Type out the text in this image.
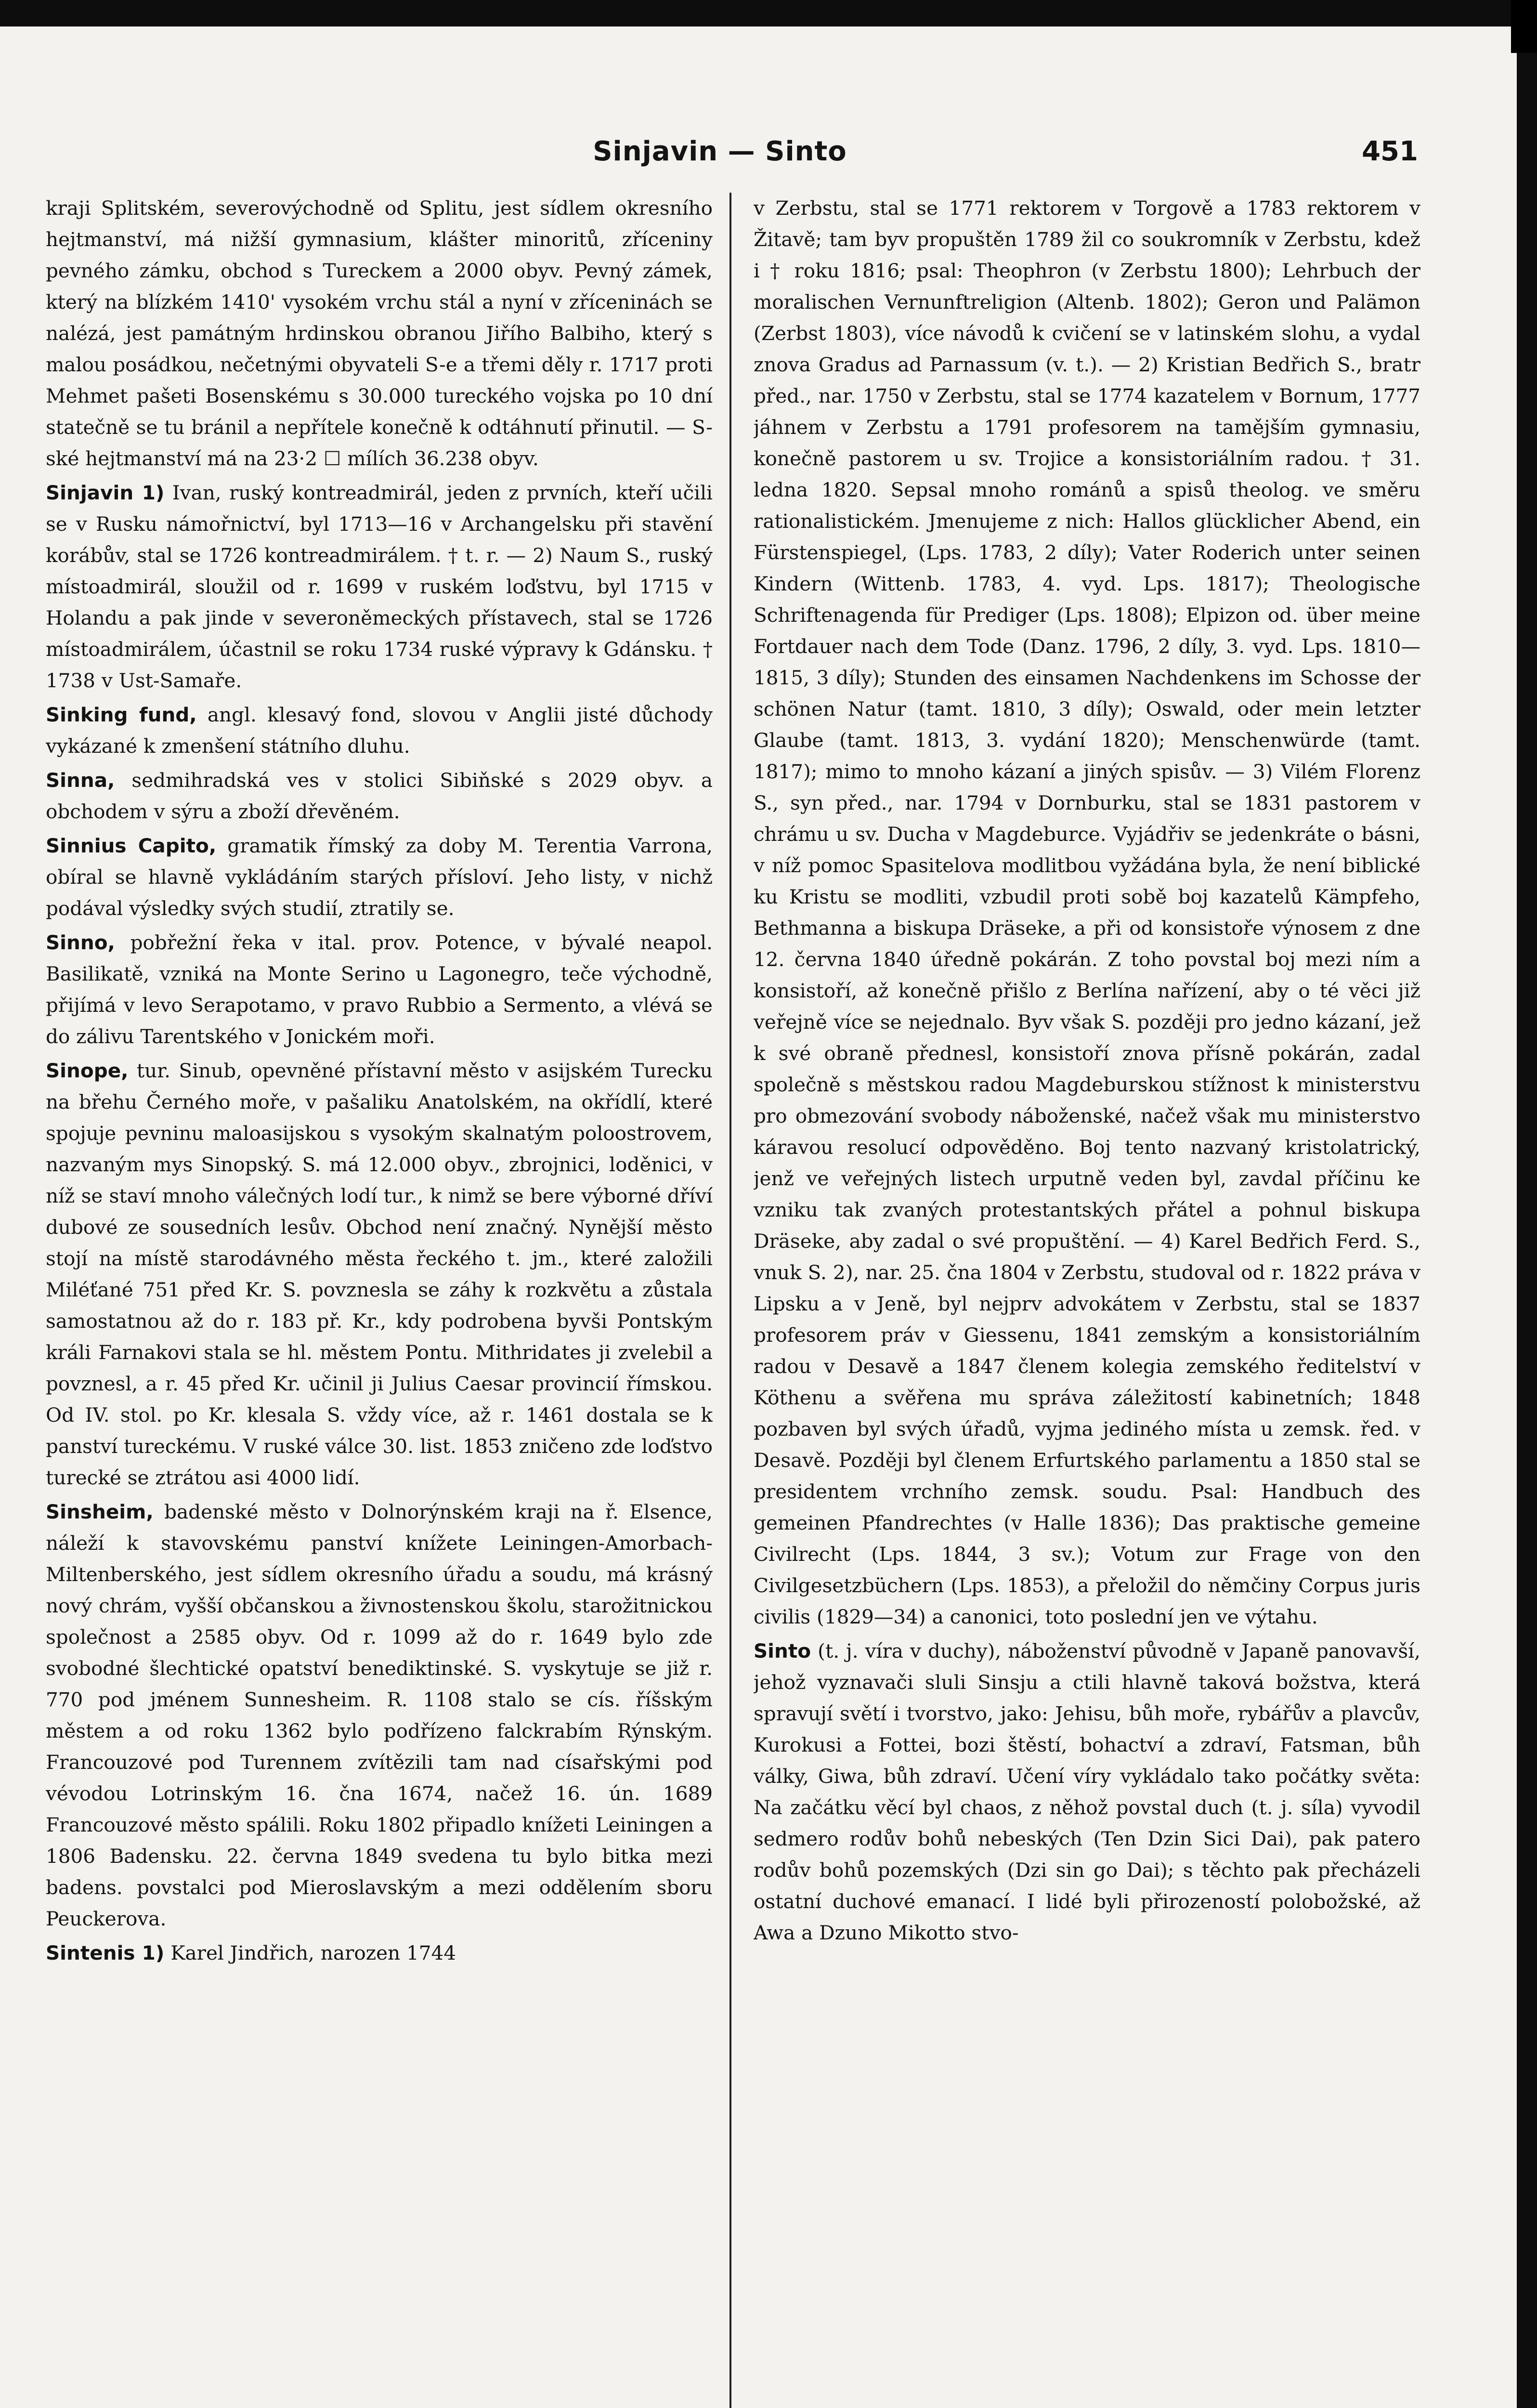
Sinjavin — Sinto	451

kraji Splitském, severovýchodně od Splitu, jest sídlem okresního hejtmanství, má nižší gymnasium, klášter minoritů, zříceniny pevného zámku, obchod s Tureckem a 2000 obyv. Pevný zámek, který na blízkém 1410' vysokém vrchu stál a nyní v zříceninách se nalézá, jest památným hrdinskou obranou Jiřího Balbiho, který s malou posádkou, nečetnými obyvateli S-e a třemi děly r. 1717 proti Mehmet pašeti Bosenskému s 30.000 tureckého vojska po 10 dní statečně se tu bránil a nepřítele konečně k odtáhnutí přinutil. — S-ské hejtmanství má na 23·2 ☐ mílích 36.238 obyv.

Sinjavin 1) Ivan, ruský kontreadmirál, jeden z prvních, kteří učili se v Rusku námořnictví, byl 1713—16 v Archangelsku při stavění korábův, stal se 1726 kontreadmirálem. † t. r. — 2) Naum S., ruský místoadmirál, sloužil od r. 1699 v ruském loďstvu, byl 1715 v Holandu a pak jinde v severoněmeckých přístavech, stal se 1726 místoadmirálem, účastnil se roku 1734 ruské výpravy k Gdánsku. † 1738 v Ust-Samaře.

Sinking fund, angl. klesavý fond, slovou v Anglii jisté důchody vykázané k zmenšení státního dluhu.

Sinna, sedmihradská ves v stolici Sibiňské s 2029 obyv. a obchodem v sýru a zboží dřevěném.

Sinnius Capito, gramatik římský za doby M. Terentia Varrona, obíral se hlavně vykládáním starých přísloví. Jeho listy, v nichž podával výsledky svých studií, ztratily se.

Sinno, pobřežní řeka v ital. prov. Potence, v bývalé neapol. Basilikatě, vzniká na Monte Serino u Lagonegro, teče východně, přijímá v levo Serapotamo, v pravo Rubbio a Sermento, a vlévá se do zálivu Tarentského v Jonickém moři.

Sinope, tur. Sinub, opevněné přístavní město v asijském Turecku na břehu Černého moře, v pašaliku Anatolském, na okřídlí, které spojuje pevninu maloasijskou s vysokým skalnatým poloostrovem, nazvaným mys Sinopský. S. má 12.000 obyv., zbrojnici, loděnici, v níž se staví mnoho válečných lodí tur., k nimž se bere výborné dříví dubové ze sousedních lesův. Obchod není značný. Nynější město stojí na místě starodávného města řeckého t. jm., které založili Miléťané 751 před Kr. S. povznesla se záhy k rozkvětu a zůstala samostatnou až do r. 183 př. Kr., kdy podrobena byvši Pontským králi Farnakovi stala se hl. městem Pontu. Mithridates ji zvelebil a povznesl, a r. 45 před Kr. učinil ji Julius Caesar provincií římskou. Od IV. stol. po Kr. klesala S. vždy více, až r. 1461 dostala se k panství tureckému. V ruské válce 30. list. 1853 zničeno zde loďstvo turecké se ztrátou asi 4000 lidí.

Sinsheim, badenské město v Dolnorýnském kraji na ř. Elsence, náleží k stavovskému panství knížete Leiningen-Amorbach-Miltenberského, jest sídlem okresního úřadu a soudu, má krásný nový chrám, vyšší občanskou a živnostenskou školu, starožitnickou společnost a 2585 obyv. Od r. 1099 až do r. 1649 bylo zde svobodné šlechtické opatství benediktinské. S. vyskytuje se již r. 770 pod jménem Sunnesheim. R. 1108 stalo se cís. říšským městem a od roku 1362 bylo podřízeno falckrabím Rýnským. Francouzové pod Turennem zvítězili tam nad císařskými pod vévodou Lotrinským 16. čna 1674, načež 16. ún. 1689 Francouzové město spálili. Roku 1802 připadlo knížeti Leiningen a 1806 Badensku. 22. června 1849 svedena tu bylo bitka mezi badens. povstalci pod Mieroslavským a mezi oddělením sboru Peuckerova.

Sintenis 1) Karel Jindřich, narozen 1744

v Zerbstu, stal se 1771 rektorem v Torgově a 1783 rektorem v Žitavě; tam byv propuštěn 1789 žil co soukromník v Zerbstu, kdež i † roku 1816; psal: Theophron (v Zerbstu 1800); Lehrbuch der moralischen Vernunftreligion (Altenb. 1802); Geron und Palämon (Zerbst 1803), více návodů k cvičení se v latinském slohu, a vydal znova Gradus ad Parnassum (v. t.). — 2) Kristian Bedřich S., bratr před., nar. 1750 v Zerbstu, stal se 1774 kazatelem v Bornum, 1777 jáhnem v Zerbstu a 1791 profesorem na tamějším gymnasiu, konečně pastorem u sv. Trojice a konsistoriálním radou. † 31. ledna 1820. Sepsal mnoho románů a spisů theolog. ve směru rationalistickém. Jmenujeme z nich: Hallos glücklicher Abend, ein Fürstenspiegel, (Lps. 1783, 2 díly); Vater Roderich unter seinen Kindern (Wittenb. 1783, 4. vyd. Lps. 1817); Theologische Schriftenagenda für Prediger (Lps. 1808); Elpizon od. über meine Fortdauer nach dem Tode (Danz. 1796, 2 díly, 3. vyd. Lps. 1810—1815, 3 díly); Stunden des einsamen Nachdenkens im Schosse der schönen Natur (tamt. 1810, 3 díly); Oswald, oder mein letzter Glaube (tamt. 1813, 3. vydání 1820); Menschenwürde (tamt. 1817); mimo to mnoho kázaní a jiných spisův. — 3) Vilém Florenz S., syn před., nar. 1794 v Dornburku, stal se 1831 pastorem v chrámu u sv. Ducha v Magdeburce. Vyjádřiv se jedenkráte o básni, v níž pomoc Spasitelova modlitbou vyžádána byla, že není biblické ku Kristu se modliti, vzbudil proti sobě boj kazatelů Kämpfeho, Bethmanna a biskupa Dräseke, a při od konsistoře výnosem z dne 12. června 1840 úředně pokárán. Z toho povstal boj mezi ním a konsistoří, až konečně přišlo z Berlína nařízení, aby o té věci již veřejně více se nejednalo. Byv však S. později pro jedno kázaní, jež k své obraně přednesl, konsistoří znova přísně pokárán, zadal společně s městskou radou Magdeburskou stížnost k ministerstvu pro obmezování svobody náboženské, načež však mu ministerstvo káravou resolucí odpověděno. Boj tento nazvaný kristolatrický, jenž ve veřejných listech urputně veden byl, zavdal příčinu ke vzniku tak zvaných protestantských přátel a pohnul biskupa Dräseke, aby zadal o své propuštění. — 4) Karel Bedřich Ferd. S., vnuk S. 2), nar. 25. čna 1804 v Zerbstu, studoval od r. 1822 práva v Lipsku a v Jeně, byl nejprv advokátem v Zerbstu, stal se 1837 profesorem práv v Giessenu, 1841 zemským a konsistoriálním radou v Desavě a 1847 členem kolegia zemského ředitelství v Köthenu a svěřena mu správa záležitostí kabinetních; 1848 pozbaven byl svých úřadů, vyjma jediného místa u zemsk. řed. v Desavě. Později byl členem Erfurtského parlamentu a 1850 stal se presidentem vrchního zemsk. soudu. Psal: Handbuch des gemeinen Pfandrechtes (v Halle 1836); Das praktische gemeine Civilrecht (Lps. 1844, 3 sv.); Votum zur Frage von den Civilgesetzbüchern (Lps. 1853), a přeložil do němčiny Corpus juris civilis (1829—34) a canonici, toto poslední jen ve výtahu.

Sinto (t. j. víra v duchy), náboženství původně v Japaně panovavší, jehož vyznavači sluli Sinsju a ctili hlavně taková božstva, která spravují světí i tvorstvo, jako: Jehisu, bůh moře, rybářův a plavcův, Kurokusi a Fottei, bozi štěstí, bohactví a zdraví, Fatsman, bůh války, Giwa, bůh zdraví. Učení víry vykládalo tako počátky světa: Na začátku věcí byl chaos, z něhož povstal duch (t. j. síla) vyvodil sedmero rodův bohů nebeských (Ten Dzin Sici Dai), pak patero rodův bohů pozemských (Dzi sin go Dai); s těchto pak přecházeli ostatní duchové emanací. I lidé byli přirozeností polobožské, až Awa a Dzuno Mikotto stvo-
